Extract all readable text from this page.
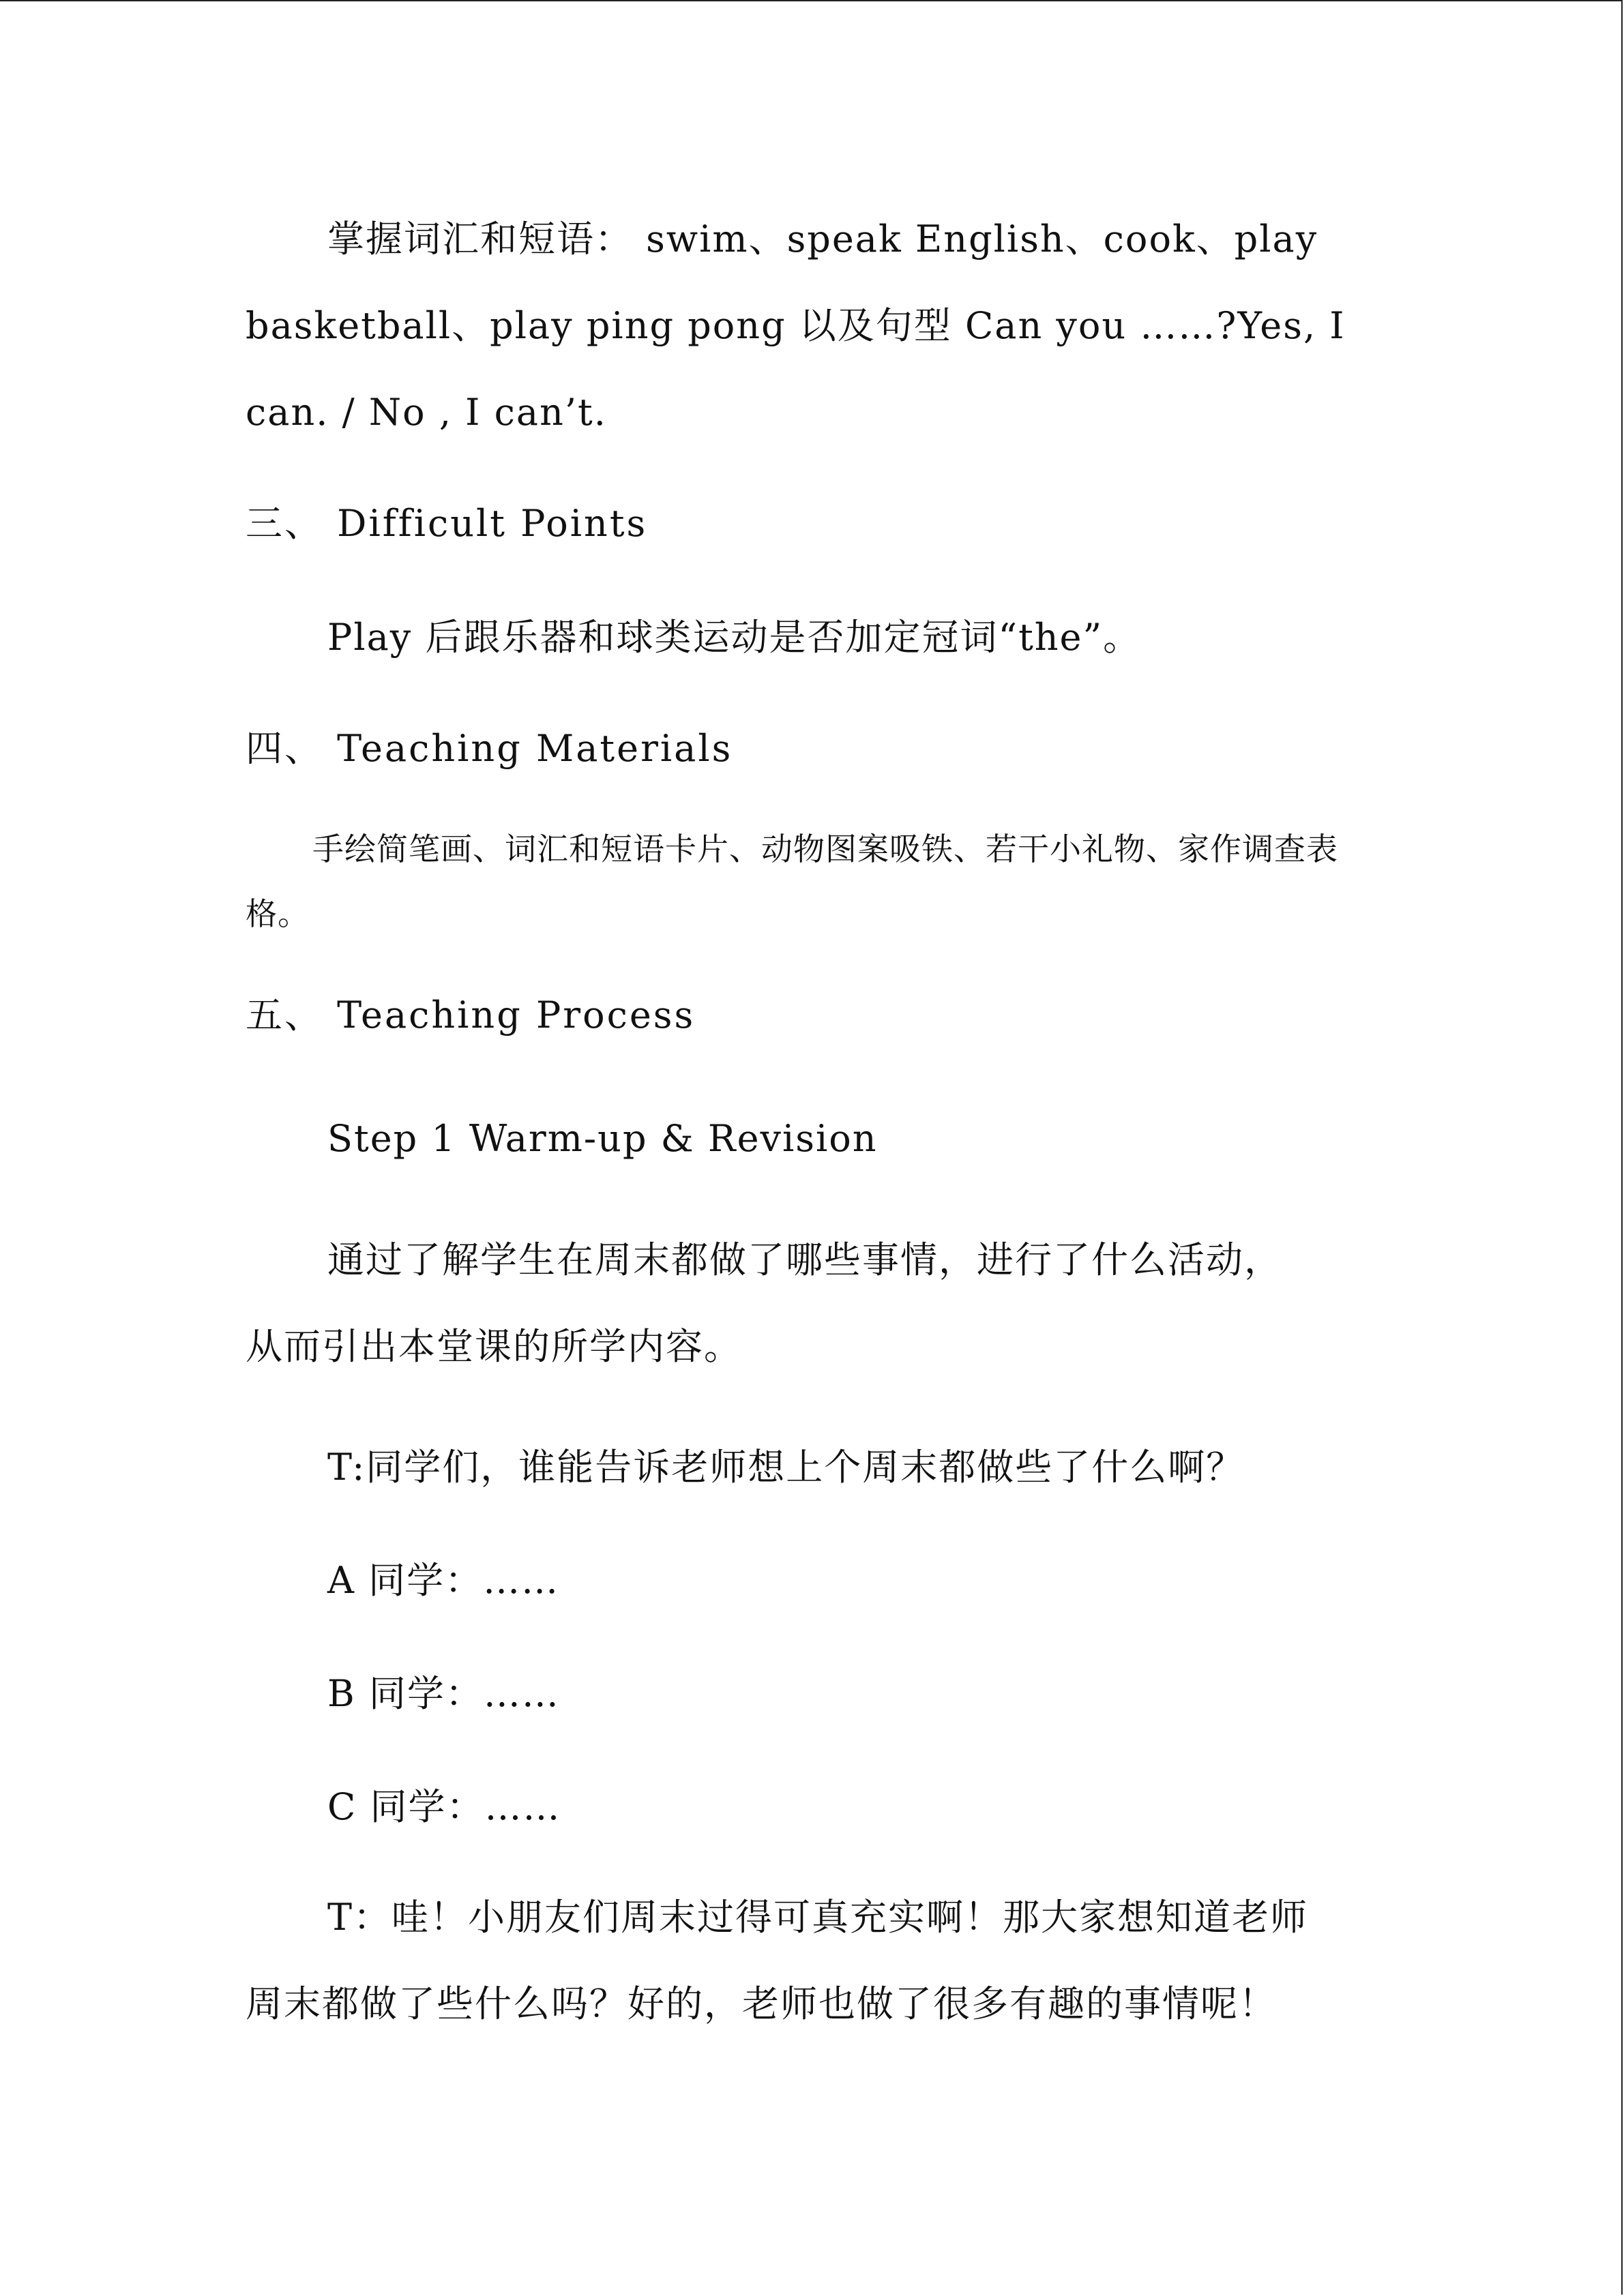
掌握词汇和短语： swim、speak English、cook、play
basketball、play ping pong 以及句型 Can you ……?Yes, I
can. / No , I can’t.
三、 Difficult Points
Play 后跟乐器和球类运动是否加定冠词“the”。
四、 Teaching Materials
手绘简笔画、词汇和短语卡片、动物图案吸铁、若干小礼物、家作调查表
格。
五、 Teaching Process
Step 1 Warm-up & Revision
通过了解学生在周末都做了哪些事情，进行了什么活动，
从而引出本堂课的所学内容。
T:同学们，谁能告诉老师想上个周末都做些了什么啊？
A 同学：……
B 同学：……
C 同学：……
T：哇！小朋友们周末过得可真充实啊！那大家想知道老师
周末都做了些什么吗？好的，老师也做了很多有趣的事情呢！
